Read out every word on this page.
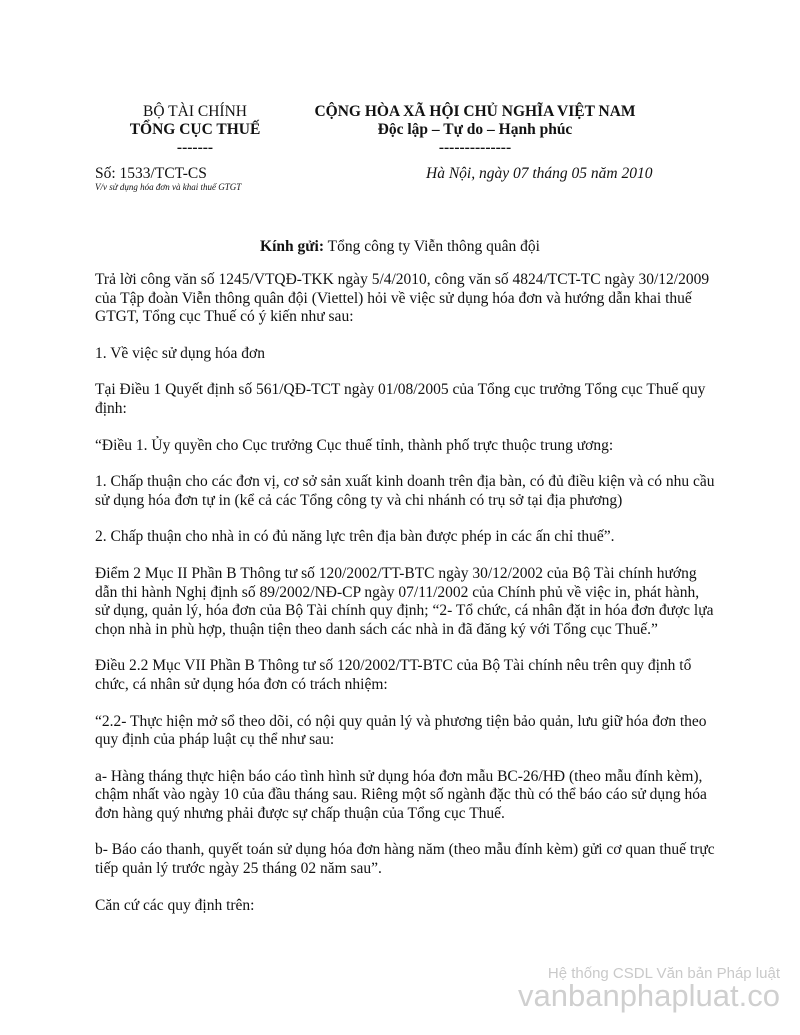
BỘ TÀI CHÍNH
TỔNG CỤC THUẾ
-------
CỘNG HÒA XÃ HỘI CHỦ NGHĨA VIỆT NAM
Độc lập – Tự do – Hạnh phúc
--------------
Số: 1533/TCT-CS
V/v sử dụng hóa đơn và khai thuế GTGT
Hà Nội, ngày 07 tháng 05 năm 2010
Kính gửi: Tổng công ty Viễn thông quân đội

Trả lời công văn số 1245/VTQĐ-TKK ngày 5/4/2010, công văn số 4824/TCT-TC ngày 30/12/2009 của Tập đoàn Viễn thông quân đội (Viettel) hỏi về việc sử dụng hóa đơn và hướng dẫn khai thuế GTGT, Tổng cục Thuế có ý kiến như sau:

1. Về việc sử dụng hóa đơn

Tại Điều 1 Quyết định số 561/QĐ-TCT ngày 01/08/2005 của Tổng cục trưởng Tổng cục Thuế quy định:

“Điều 1. Ủy quyền cho Cục trưởng Cục thuế tỉnh, thành phố trực thuộc trung ương:

1. Chấp thuận cho các đơn vị, cơ sở sản xuất kinh doanh trên địa bàn, có đủ điều kiện và có nhu cầu sử dụng hóa đơn tự in (kể cả các Tổng công ty và chi nhánh có trụ sở tại địa phương)

2. Chấp thuận cho nhà in có đủ năng lực trên địa bàn được phép in các ấn chỉ thuế”.

Điểm 2 Mục II Phần B Thông tư số 120/2002/TT-BTC ngày 30/12/2002 của Bộ Tài chính hướng dẫn thi hành Nghị định số 89/2002/NĐ-CP ngày 07/11/2002 của Chính phủ về việc in, phát hành, sử dụng, quản lý, hóa đơn của Bộ Tài chính quy định; “2- Tổ chức, cá nhân đặt in hóa đơn được lựa chọn nhà in phù hợp, thuận tiện theo danh sách các nhà in đã đăng ký với Tổng cục Thuế.”

Điều 2.2 Mục VII Phần B Thông tư số 120/2002/TT-BTC của Bộ Tài chính nêu trên quy định tổ chức, cá nhân sử dụng hóa đơn có trách nhiệm:

“2.2- Thực hiện mở sổ theo dõi, có nội quy quản lý và phương tiện bảo quản, lưu giữ hóa đơn theo quy định của pháp luật cụ thể như sau:

a- Hàng tháng thực hiện báo cáo tình hình sử dụng hóa đơn mẫu BC-26/HĐ (theo mẫu đính kèm), chậm nhất vào ngày 10 của đầu tháng sau. Riêng một số ngành đặc thù có thể báo cáo sử dụng hóa đơn hàng quý nhưng phải được sự chấp thuận của Tổng cục Thuế.

b- Báo cáo thanh, quyết toán sử dụng hóa đơn hàng năm (theo mẫu đính kèm) gửi cơ quan thuế trực tiếp quản lý trước ngày 25 tháng 02 năm sau”.

Căn cứ các quy định trên:

Hệ thống CSDL Văn bản Pháp luật
vanbanphapluat.co
